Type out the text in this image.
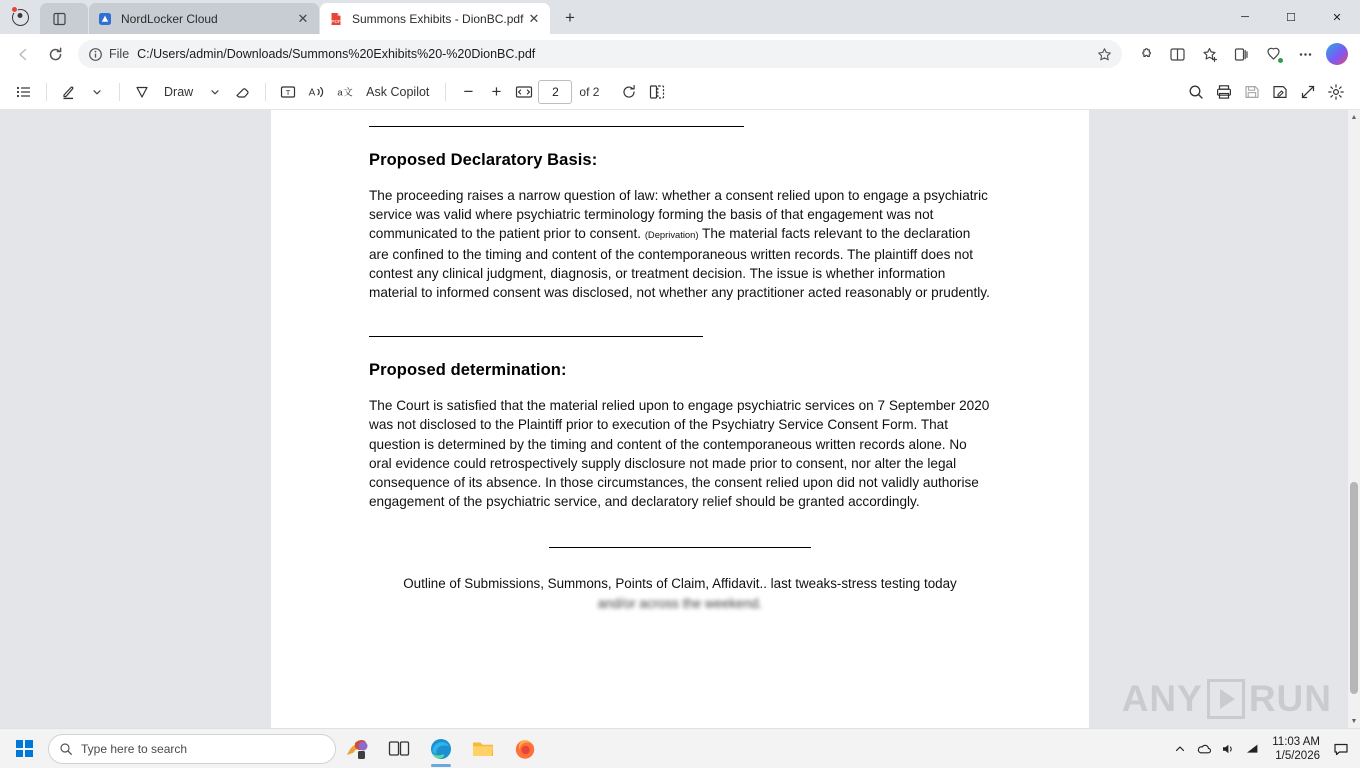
NordLocker Cloud	✕	PDF Summons Exhibits - DionBC.pdf ✕	+	─	☐	✕
File C:/Users/admin/Downloads/Summons%20Exhibits%20-%20DionBC.pdf
Draw	T A a 文	Ask Copilot	−	+
2	of 2
Proposed Declaratory Basis:

The proceeding raises a narrow question of law: whether a consent relied upon to engage a psychiatric service was valid where psychiatric terminology forming the basis of that engagement was not communicated to the patient prior to consent. (Deprivation) The material facts relevant to the declaration are confined to the timing and content of the contemporaneous written records. The plaintiff does not contest any clinical judgment, diagnosis, or treatment decision. The issue is whether information material to informed consent was disclosed, not whether any practitioner acted reasonably or prudently.

Proposed determination:

The Court is satisfied that the material relied upon to engage psychiatric services on 7 September 2020 was not disclosed to the Plaintiff prior to execution of the Psychiatry Service Consent Form. That question is determined by the timing and content of the contemporaneous written records alone. No oral evidence could retrospectively supply disclosure not made prior to consent, nor alter the legal consequence of its absence. In those circumstances, the consent relied upon did not validly authorise engagement of the psychiatric service, and declaratory relief should be granted accordingly.

Outline of Submissions, Summons, Points of Claim, Affidavit.. last tweaks-stress testing today
and/or across the weekend.
ANY RUN
▲
▼
Type here to search	11:03 AM
1/5/2026
